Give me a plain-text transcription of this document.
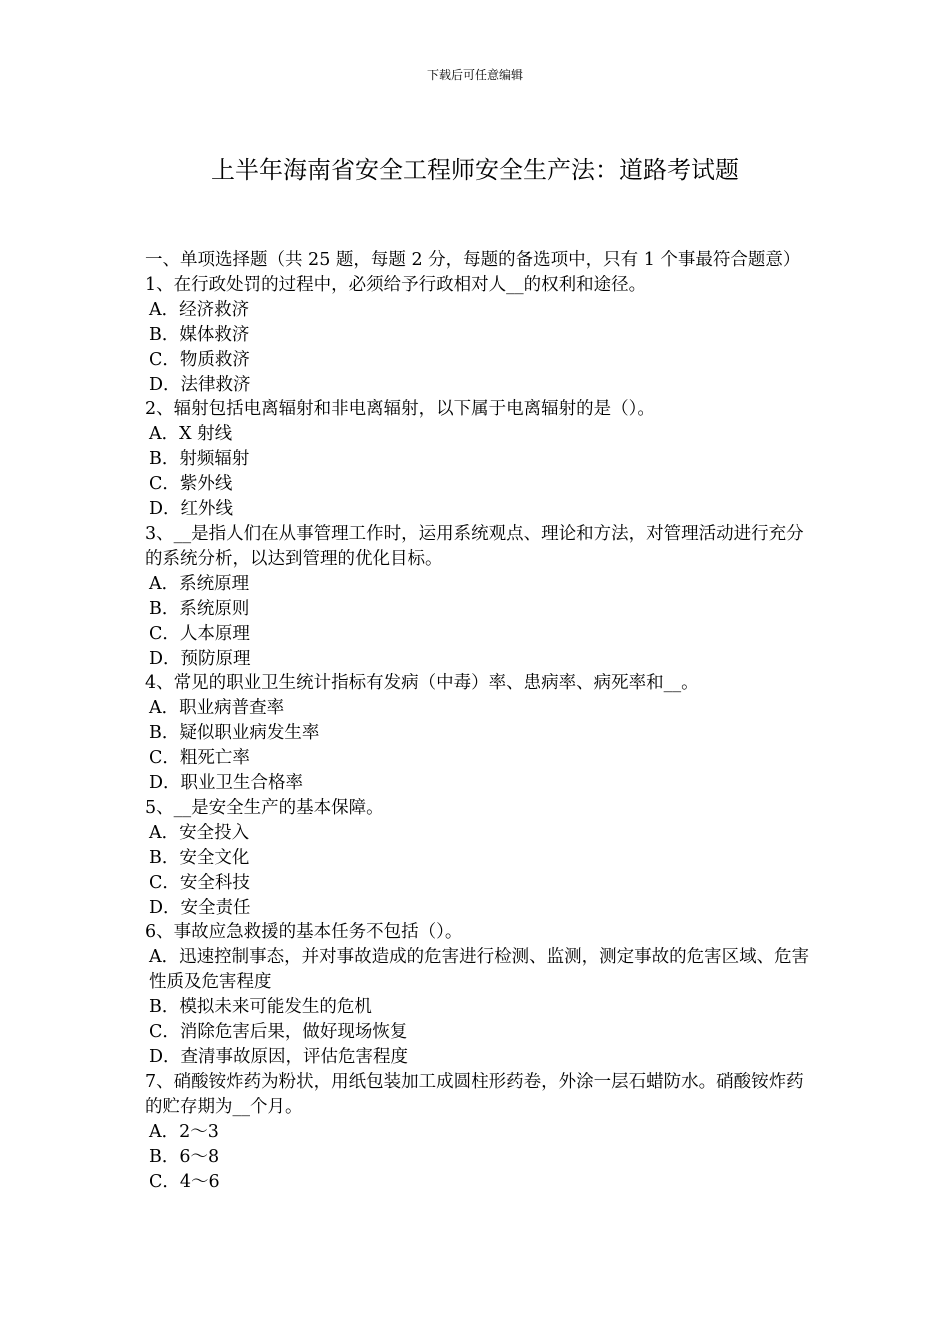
下载后可任意编辑
上半年海南省安全工程师安全生产法：道路考试题

一、单项选择题（共 25 题，每题 2 分，每题的备选项中，只有 1 个事最符合题意）

1、在行政处罚的过程中，必须给予行政相对人__的权利和途径。

A．经济救济

B．媒体救济

C．物质救济

D．法律救济

2、辐射包括电离辐射和非电离辐射，以下属于电离辐射的是（）。

A．X 射线

B．射频辐射

C．紫外线

D．红外线

3、__是指人们在从事管理工作时，运用系统观点、理论和方法，对管理活动进行充分的系统分析，以达到管理的优化目标。

A．系统原理

B．系统原则

C．人本原理

D．预防原理

4、常见的职业卫生统计指标有发病（中毒）率、患病率、病死率和__。

A．职业病普查率

B．疑似职业病发生率

C．粗死亡率

D．职业卫生合格率

5、__是安全生产的基本保障。

A．安全投入

B．安全文化

C．安全科技

D．安全责任

6、事故应急救援的基本任务不包括（）。

A．迅速控制事态，并对事故造成的危害进行检测、监测，测定事故的危害区域、危害性质及危害程度

B．模拟未来可能发生的危机

C．消除危害后果，做好现场恢复

D．查清事故原因，评估危害程度

7、硝酸铵炸药为粉状，用纸包装加工成圆柱形药卷，外涂一层石蜡防水。硝酸铵炸药的贮存期为__个月。

A．2～3

B．6～8

C．4～6
